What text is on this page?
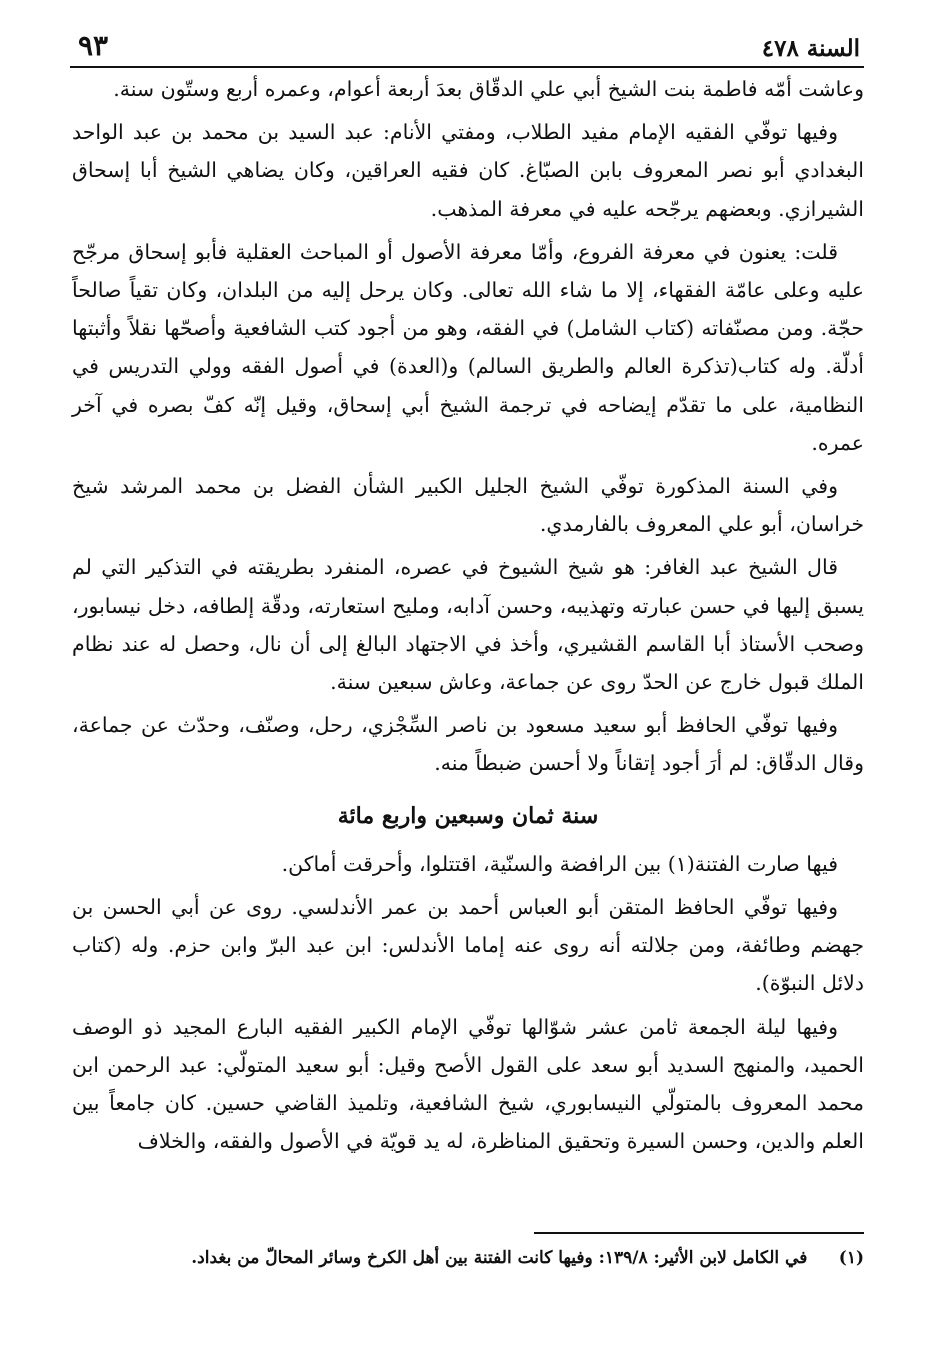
السنة ٤٧٨
٩٣

وعاشت أمّه فاطمة بنت الشيخ أبي علي الدقّاق بعدَ أربعة أعوام، وعمره أربع وستّون سنة.

وفيها توفّي الفقيه الإمام مفيد الطلاب، ومفتي الأنام: عبد السيد بن محمد بن عبد الواحد البغدادي أبو نصر المعروف بابن الصبّاغ. كان فقيه العراقين، وكان يضاهي الشيخ أبا إسحاق الشيرازي. وبعضهم يرجّحه عليه في معرفة المذهب.

قلت: يعنون في معرفة الفروع، وأمّا معرفة الأصول أو المباحث العقلية فأبو إسحاق مرجّح عليه وعلى عامّة الفقهاء، إلا ما شاء الله تعالى. وكان يرحل إليه من البلدان، وكان تقياً صالحاً حجّة. ومن مصنّفاته (كتاب الشامل) في الفقه، وهو من أجود كتب الشافعية وأصحّها نقلاً وأثبتها أدلّة. وله كتاب(تذكرة العالم والطريق السالم) و(العدة) في أصول الفقه وولي التدريس في النظامية، على ما تقدّم إيضاحه في ترجمة الشيخ أبي إسحاق، وقيل إنّه كفّ بصره في آخر عمره.

وفي السنة المذكورة توفّي الشيخ الجليل الكبير الشأن الفضل بن محمد المرشد شيخ خراسان، أبو علي المعروف بالفارمدي.

قال الشيخ عبد الغافر: هو شيخ الشيوخ في عصره، المنفرد بطريقته في التذكير التي لم يسبق إليها في حسن عبارته وتهذيبه، وحسن آدابه، ومليح استعارته، ودقّة إلطافه، دخل نيسابور، وصحب الأستاذ أبا القاسم القشيري، وأخذ في الاجتهاد البالغ إلى أن نال، وحصل له عند نظام الملك قبول خارج عن الحدّ روى عن جماعة، وعاش سبعين سنة.

وفيها توفّي الحافظ أبو سعيد مسعود بن ناصر السِّجْزي، رحل، وصنّف، وحدّث عن جماعة، وقال الدقّاق: لم أرَ أجود إتقاناً ولا أحسن ضبطاً منه.

سنة ثمان وسبعين واربع مائة

فيها صارت الفتنة(١) بين الرافضة والسنّية، اقتتلوا، وأحرقت أماكن.

وفيها توفّي الحافظ المتقن أبو العباس أحمد بن عمر الأندلسي. روى عن أبي الحسن بن جهضم وطائفة، ومن جلالته أنه روى عنه إماما الأندلس: ابن عبد البرّ وابن حزم. وله (كتاب دلائل النبوّة).

وفيها ليلة الجمعة ثامن عشر شوّالها توفّي الإمام الكبير الفقيه البارع المجيد ذو الوصف الحميد، والمنهج السديد أبو سعد على القول الأصح وقيل: أبو سعيد المتولّي: عبد الرحمن ابن محمد المعروف بالمتولّي النيسابوري، شيخ الشافعية، وتلميذ القاضي حسين. كان جامعاً بين العلم والدين، وحسن السيرة وتحقيق المناظرة، له يد قويّة في الأصول والفقه، والخلاف

(١) في الكامل لابن الأثير: ١٣٩/٨: وفيها كانت الفتنة بين أهل الكرخ وسائر المحالّ من بغداد.
